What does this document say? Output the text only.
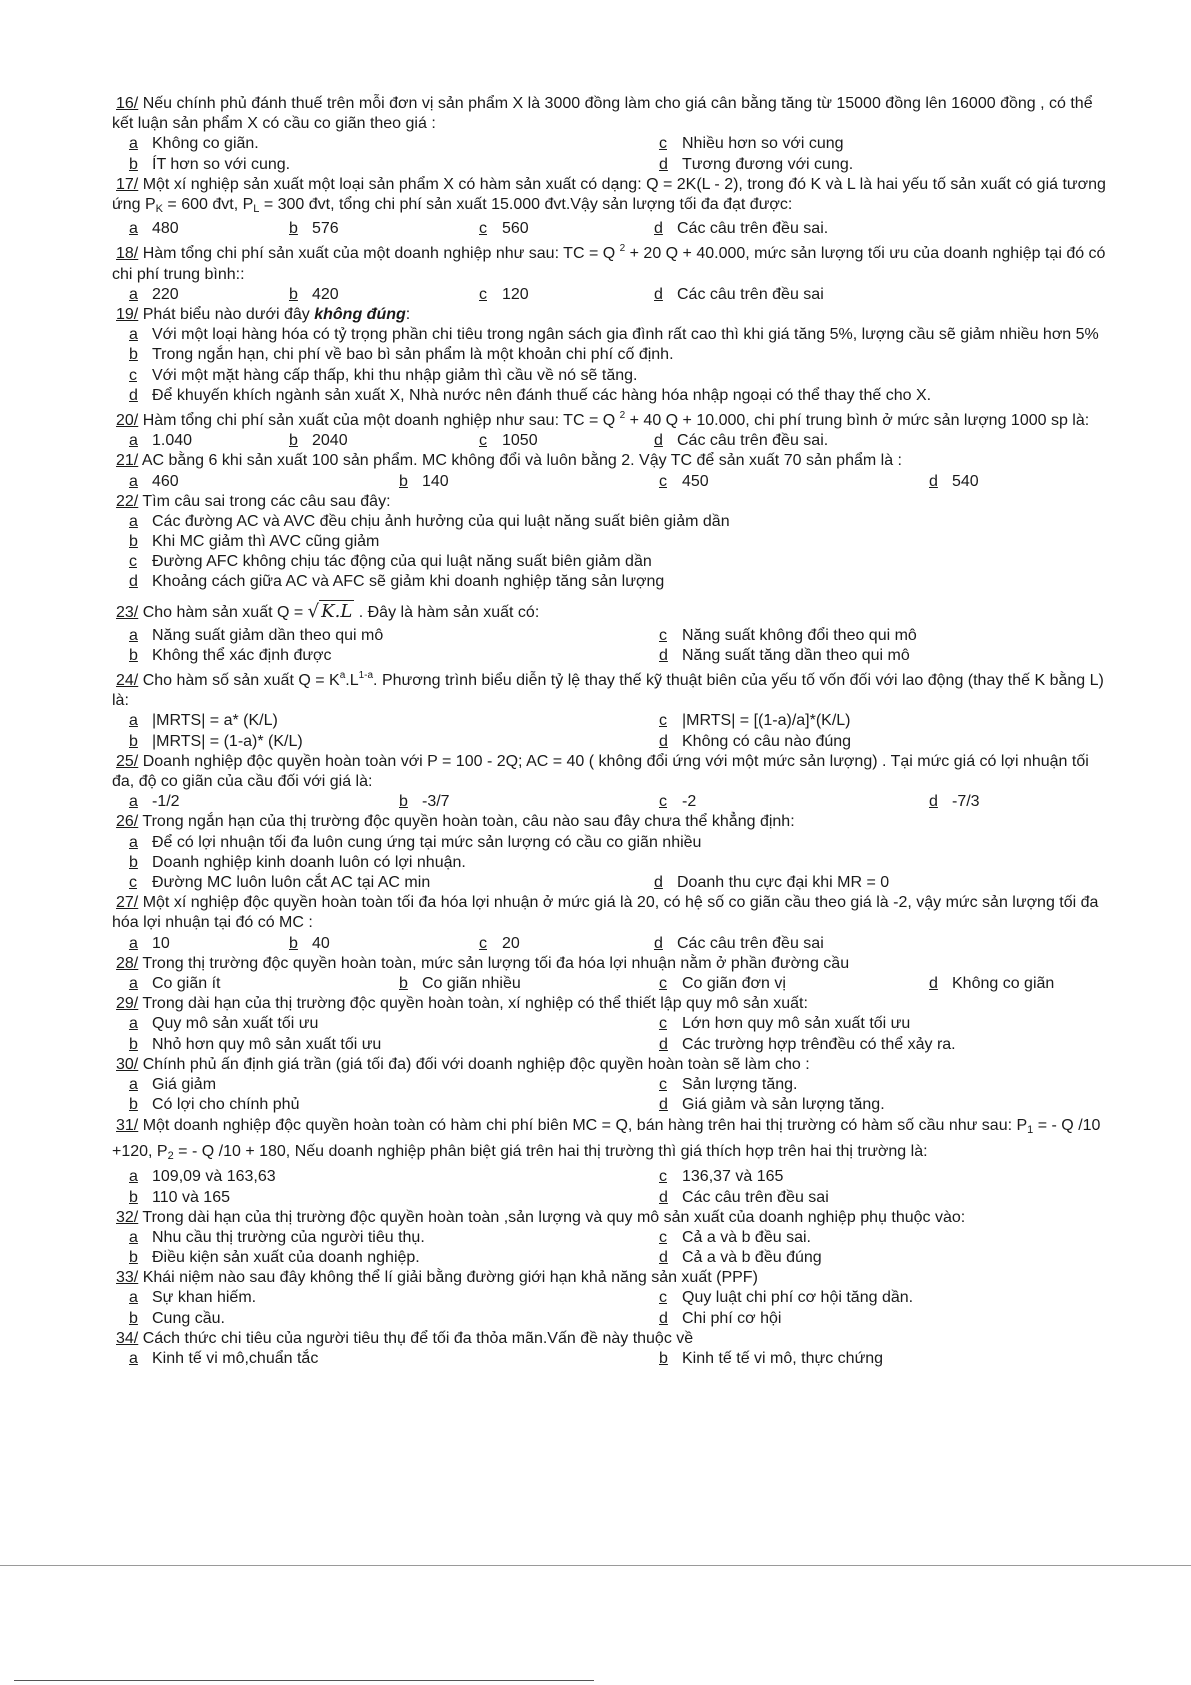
16/ Nếu chính phủ đánh thuế trên mỗi đơn vị sản phẩm X là 3000 đồng làm cho giá cân bằng tăng từ 15000 đồng lên 16000 đồng , có thể kết luận sản phẩm X có cầu co giãn theo giá :

a Không co giãn.	c Nhiều hơn so với cung
b ÍT hơn so với cung.	d Tương đương với cung.

17/ Một xí nghiệp sản xuất một loại sản phẩm X có hàm sản xuất có dạng: Q = 2K(L - 2), trong đó K và L là hai yếu tố sản xuất có giá tương ứng $P_K = 600$ đvt, $P_L = 300$ đvt, tổng chi phí sản xuất 15.000 đvt.Vậy sản lượng tối đa đạt được:

a 480	b 576	c 560	d Các câu trên đều sai.

18/ Hàm tổng chi phí sản xuất của một doanh nghiệp như sau: TC = Q $^2$ + 20 Q + 40.000, mức sản lượng tối ưu của doanh nghiệp tại đó có chi phí trung bình::

a 220	b 420	c 120	d Các câu trên đều sai

19/ Phát biểu nào dưới đây không đúng:

a Với một loại hàng hóa có tỷ trọng phần chi tiêu trong ngân sách gia đình rất cao thì khi giá tăng 5%, lượng cầu sẽ giảm nhiều hơn 5%

b Trong ngắn hạn, chi phí về bao bì sản phẩm là một khoản chi phí cố định.
c Với một mặt hàng cấp thấp, khi thu nhập giảm thì cầu về nó sẽ tăng.
d Để khuyến khích ngành sản xuất X, Nhà nước nên đánh thuế các hàng hóa nhập ngoại có thể thay thế cho X.

20/ Hàm tổng chi phí sản xuất của một doanh nghiệp như sau: TC = Q $^2$ + 40 Q + 10.000, chi phí trung bình ở mức sản lượng 1000 sp là:

a 1.040	b 2040	c 1050	d Các câu trên đều sai.

21/ AC bằng 6 khi sản xuất 100 sản phẩm. MC không đổi và luôn bằng 2. Vậy TC để sản xuất 70 sản phẩm là :

a 460	b 140	c 450	d 540

22/ Tìm câu sai trong các câu sau đây:

a Các đường AC và AVC đều chịu ảnh hưởng của qui luật năng suất biên giảm dần
b Khi MC giảm thì AVC cũng giảm
c Đường AFC không chịu tác động của qui luật năng suất biên giảm dần
d Khoảng cách giữa AC và AFC sẽ giảm khi doanh nghiệp tăng sản lượng

23/ Cho hàm sản xuất Q = √ K.L . Đây là hàm sản xuất có:

a Năng suất giảm dần theo qui mô	c Năng suất không đổi theo qui mô
b Không thể xác định được	d Năng suất tăng dần theo qui mô

24/ Cho hàm số sản xuất $Q = K^a.L^{1-a}$. Phương trình biểu diễn tỷ lệ thay thế kỹ thuật biên của yếu tố vốn đối với lao động (thay thế K bằng L) là:

a |MRTS| = a* (K/L)	c |MRTS| = [(1-a)/a]*(K/L)
b |MRTS| = (1-a)* (K/L)	d Không có câu nào đúng

25/ Doanh nghiệp độc quyền hoàn toàn với P = 100 - 2Q; AC = 40 ( không đổi ứng với một mức sản lượng) . Tại mức giá có lợi nhuận tối đa, độ co giãn của cầu đối với giá là:

a -1/2	b -3/7	c -2	d -7/3

26/ Trong ngắn hạn của thị trường độc quyền hoàn toàn, câu nào sau đây chưa thể khẳng định:

a Để có lợi nhuận tối đa luôn cung ứng tại mức sản lượng có cầu co giãn nhiều
b Doanh nghiệp kinh doanh luôn có lợi nhuận.
c Đường MC luôn luôn cắt AC tại AC min	d Doanh thu cực đại khi MR = 0

27/ Một xí nghiệp độc quyền hoàn toàn tối đa hóa lợi nhuận ở mức giá là 20, có hệ số co giãn cầu theo giá là -2, vậy mức sản lượng tối đa hóa lợi nhuận tại đó có MC :

a 10	b 40	c 20	d Các câu trên đều sai

28/ Trong thị trường độc quyền hoàn toàn, mức sản lượng tối đa hóa lợi nhuận nằm ở phần đường cầu

a Co giãn ít	b Co giãn nhiều	c Co giãn đơn vị	d Không co giãn

29/ Trong dài hạn của thị trường độc quyền hoàn toàn, xí nghiệp có thể thiết lập quy mô sản xuất:

a Quy mô sản xuất tối ưu	c Lớn hơn quy mô sản xuất tối ưu
b Nhỏ hơn quy mô sản xuất tối ưu	d Các trường hợp trênđều có thể xảy ra.

30/ Chính phủ ấn định giá trần (giá tối đa) đối với doanh nghiệp độc quyền hoàn toàn sẽ làm cho :

a Giá giảm	c Sản lượng tăng.
b Có lợi cho chính phủ	d Giá giảm và sản lượng tăng.

31/ Một doanh nghiệp độc quyền hoàn toàn có hàm chi phí biên MC = Q, bán hàng trên hai thị trường có hàm số cầu như sau: $P_1$ = - Q /10 +120, $P_2$ = - Q /10 + 180, Nếu doanh nghiệp phân biệt giá trên hai thị trường thì giá thích hợp trên hai thị trường là:

a 109,09 và 163,63	c 136,37 và 165
b 110 và 165	d Các câu trên đều sai

32/ Trong dài hạn của thị trường độc quyền hoàn toàn ,sản lượng và quy mô sản xuất của doanh nghiệp phụ thuộc vào:

a Nhu cầu thị trường của người tiêu thụ.	c Cả a và b đều sai.
b Điều kiện sản xuất của doanh nghiệp.	d Cả a và b đều đúng

33/ Khái niệm nào sau đây không thể lí giải bằng đường giới hạn khả năng sản xuất (PPF)

a Sự khan hiếm.	c Quy luật chi phí cơ hội tăng dần.
b Cung cầu.	d Chi phí cơ hội

34/ Cách thức chi tiêu của người tiêu thụ để tối đa thỏa mãn.Vấn đề này thuộc về

a Kinh tế vi mô,chuẩn tắc	b Kinh tế tế vi mô, thực chứng
